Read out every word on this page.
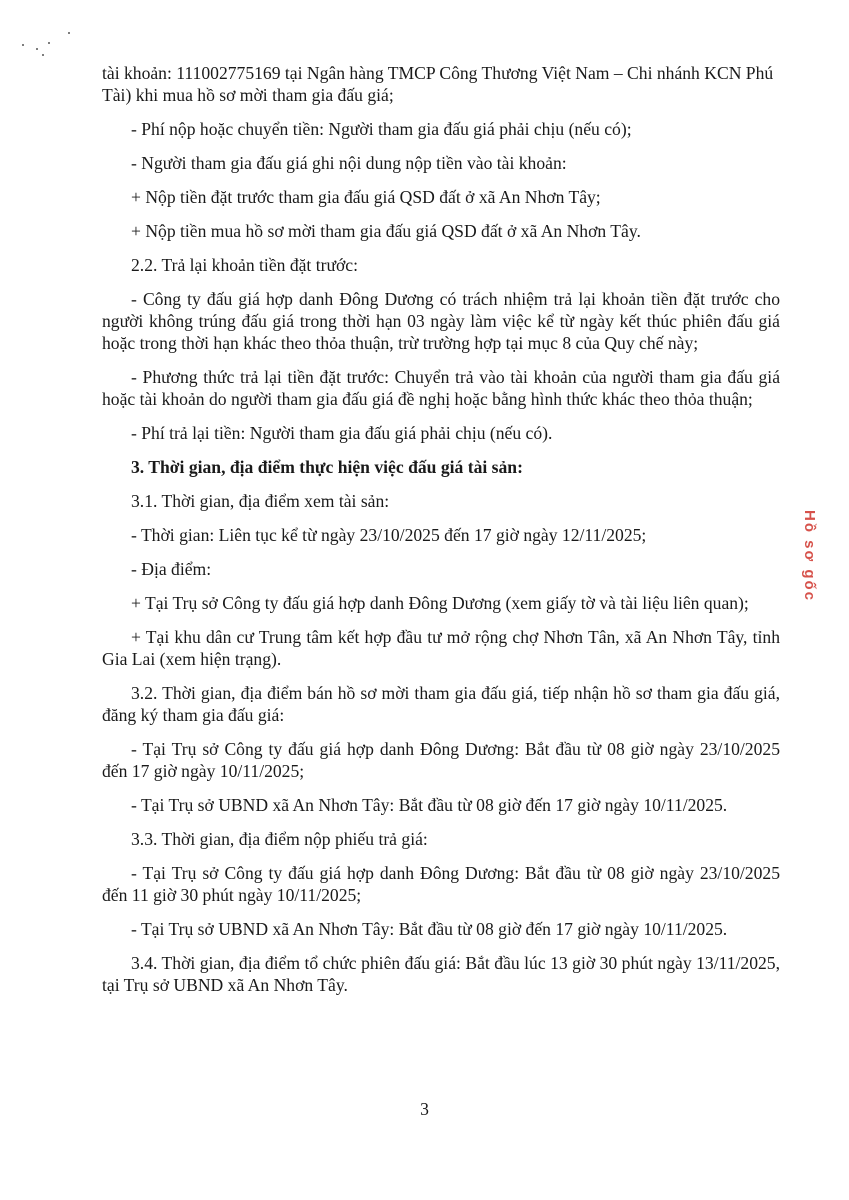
tài khoản: 111002775169 tại Ngân hàng TMCP Công Thương Việt Nam – Chi nhánh KCN Phú Tài) khi mua hồ sơ mời tham gia đấu giá;

- Phí nộp hoặc chuyển tiền: Người tham gia đấu giá phải chịu (nếu có);

- Người tham gia đấu giá ghi nội dung nộp tiền vào tài khoản:

+ Nộp tiền đặt trước tham gia đấu giá QSD đất ở xã An Nhơn Tây;

+ Nộp tiền mua hồ sơ mời tham gia đấu giá QSD đất ở xã An Nhơn Tây.

2.2. Trả lại khoản tiền đặt trước:

- Công ty đấu giá hợp danh Đông Dương có trách nhiệm trả lại khoản tiền đặt trước cho người không trúng đấu giá trong thời hạn 03 ngày làm việc kể từ ngày kết thúc phiên đấu giá hoặc trong thời hạn khác theo thỏa thuận, trừ trường hợp tại mục 8 của Quy chế này;

- Phương thức trả lại tiền đặt trước: Chuyển trả vào tài khoản của người tham gia đấu giá hoặc tài khoản do người tham gia đấu giá đề nghị hoặc bằng hình thức khác theo thỏa thuận;

- Phí trả lại tiền: Người tham gia đấu giá phải chịu (nếu có).

3. Thời gian, địa điểm thực hiện việc đấu giá tài sản:

3.1. Thời gian, địa điểm xem tài sản:

- Thời gian: Liên tục kể từ ngày 23/10/2025 đến 17 giờ ngày 12/11/2025;

- Địa điểm:

+ Tại Trụ sở Công ty đấu giá hợp danh Đông Dương (xem giấy tờ và tài liệu liên quan);

+ Tại khu dân cư Trung tâm kết hợp đầu tư mở rộng chợ Nhơn Tân, xã An Nhơn Tây, tỉnh Gia Lai (xem hiện trạng).

3.2. Thời gian, địa điểm bán hồ sơ mời tham gia đấu giá, tiếp nhận hồ sơ tham gia đấu giá, đăng ký tham gia đấu giá:

- Tại Trụ sở Công ty đấu giá hợp danh Đông Dương: Bắt đầu từ 08 giờ ngày 23/10/2025 đến 17 giờ ngày 10/11/2025;

- Tại Trụ sở UBND xã An Nhơn Tây: Bắt đầu từ 08 giờ đến 17 giờ ngày 10/11/2025.

3.3. Thời gian, địa điểm nộp phiếu trả giá:

- Tại Trụ sở Công ty đấu giá hợp danh Đông Dương: Bắt đầu từ 08 giờ ngày 23/10/2025 đến 11 giờ 30 phút ngày 10/11/2025;

- Tại Trụ sở UBND xã An Nhơn Tây: Bắt đầu từ 08 giờ đến 17 giờ ngày 10/11/2025.

3.4. Thời gian, địa điểm tổ chức phiên đấu giá: Bắt đầu lúc 13 giờ 30 phút ngày 13/11/2025, tại Trụ sở UBND xã An Nhơn Tây.

3
Hồ sơ gốc
